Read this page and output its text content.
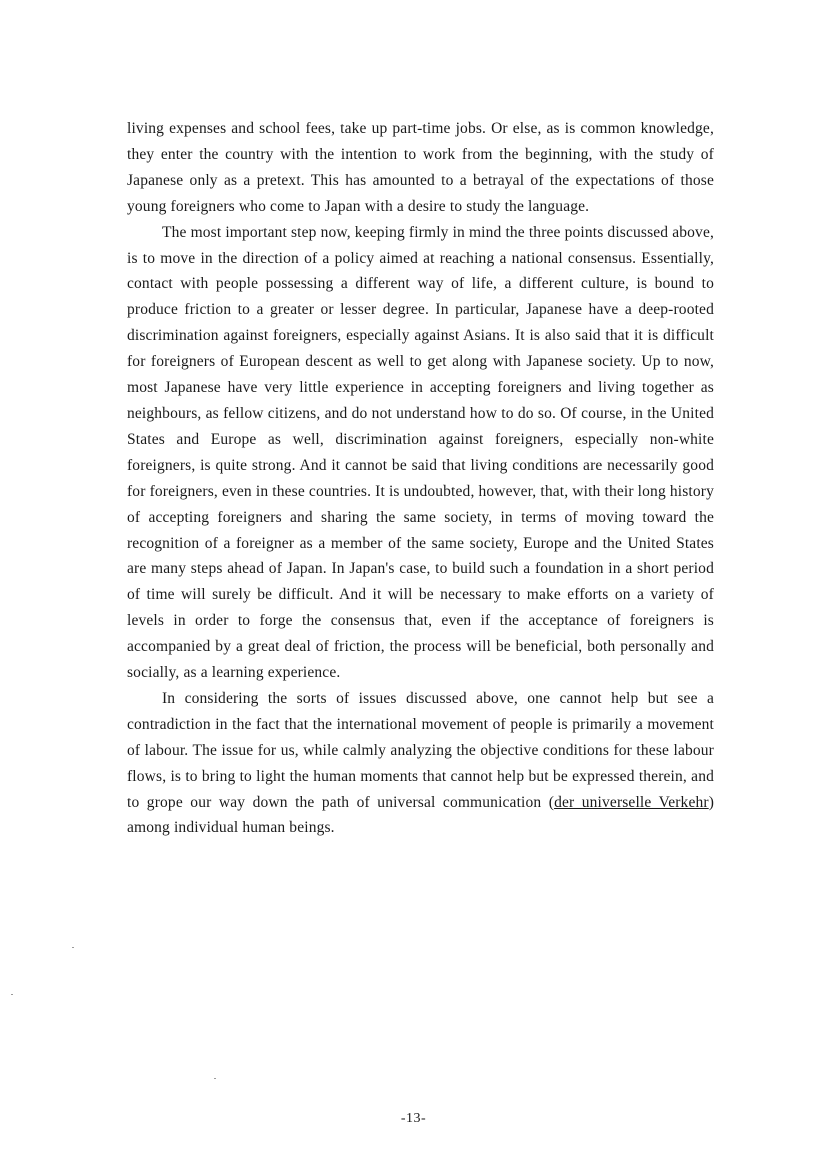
living expenses and school fees, take up part-time jobs. Or else, as is common knowledge, they enter the country with the intention to work from the beginning, with the study of Japanese only as a pretext. This has amounted to a betrayal of the expectations of those young foreigners who come to Japan with a desire to study the language.

The most important step now, keeping firmly in mind the three points discussed above, is to move in the direction of a policy aimed at reaching a national consensus. Essentially, contact with people possessing a different way of life, a different culture, is bound to produce friction to a greater or lesser degree. In particular, Japanese have a deep-rooted discrimination against foreigners, especially against Asians. It is also said that it is difficult for foreigners of European descent as well to get along with Japanese society. Up to now, most Japanese have very little experience in accepting foreigners and living together as neighbours, as fellow citizens, and do not understand how to do so. Of course, in the United States and Europe as well, discrimination against foreigners, especially non-white foreigners, is quite strong. And it cannot be said that living conditions are necessarily good for foreigners, even in these countries. It is undoubted, however, that, with their long history of accepting foreigners and sharing the same society, in terms of moving toward the recognition of a foreigner as a member of the same society, Europe and the United States are many steps ahead of Japan. In Japan's case, to build such a foundation in a short period of time will surely be difficult. And it will be necessary to make efforts on a variety of levels in order to forge the consensus that, even if the acceptance of foreigners is accompanied by a great deal of friction, the process will be beneficial, both personally and socially, as a learning experience.

In considering the sorts of issues discussed above, one cannot help but see a contradiction in the fact that the international movement of people is primarily a movement of labour. The issue for us, while calmly analyzing the objective conditions for these labour flows, is to bring to light the human moments that cannot help but be expressed therein, and to grope our way down the path of universal communication (der universelle Verkehr) among individual human beings.

-13-
